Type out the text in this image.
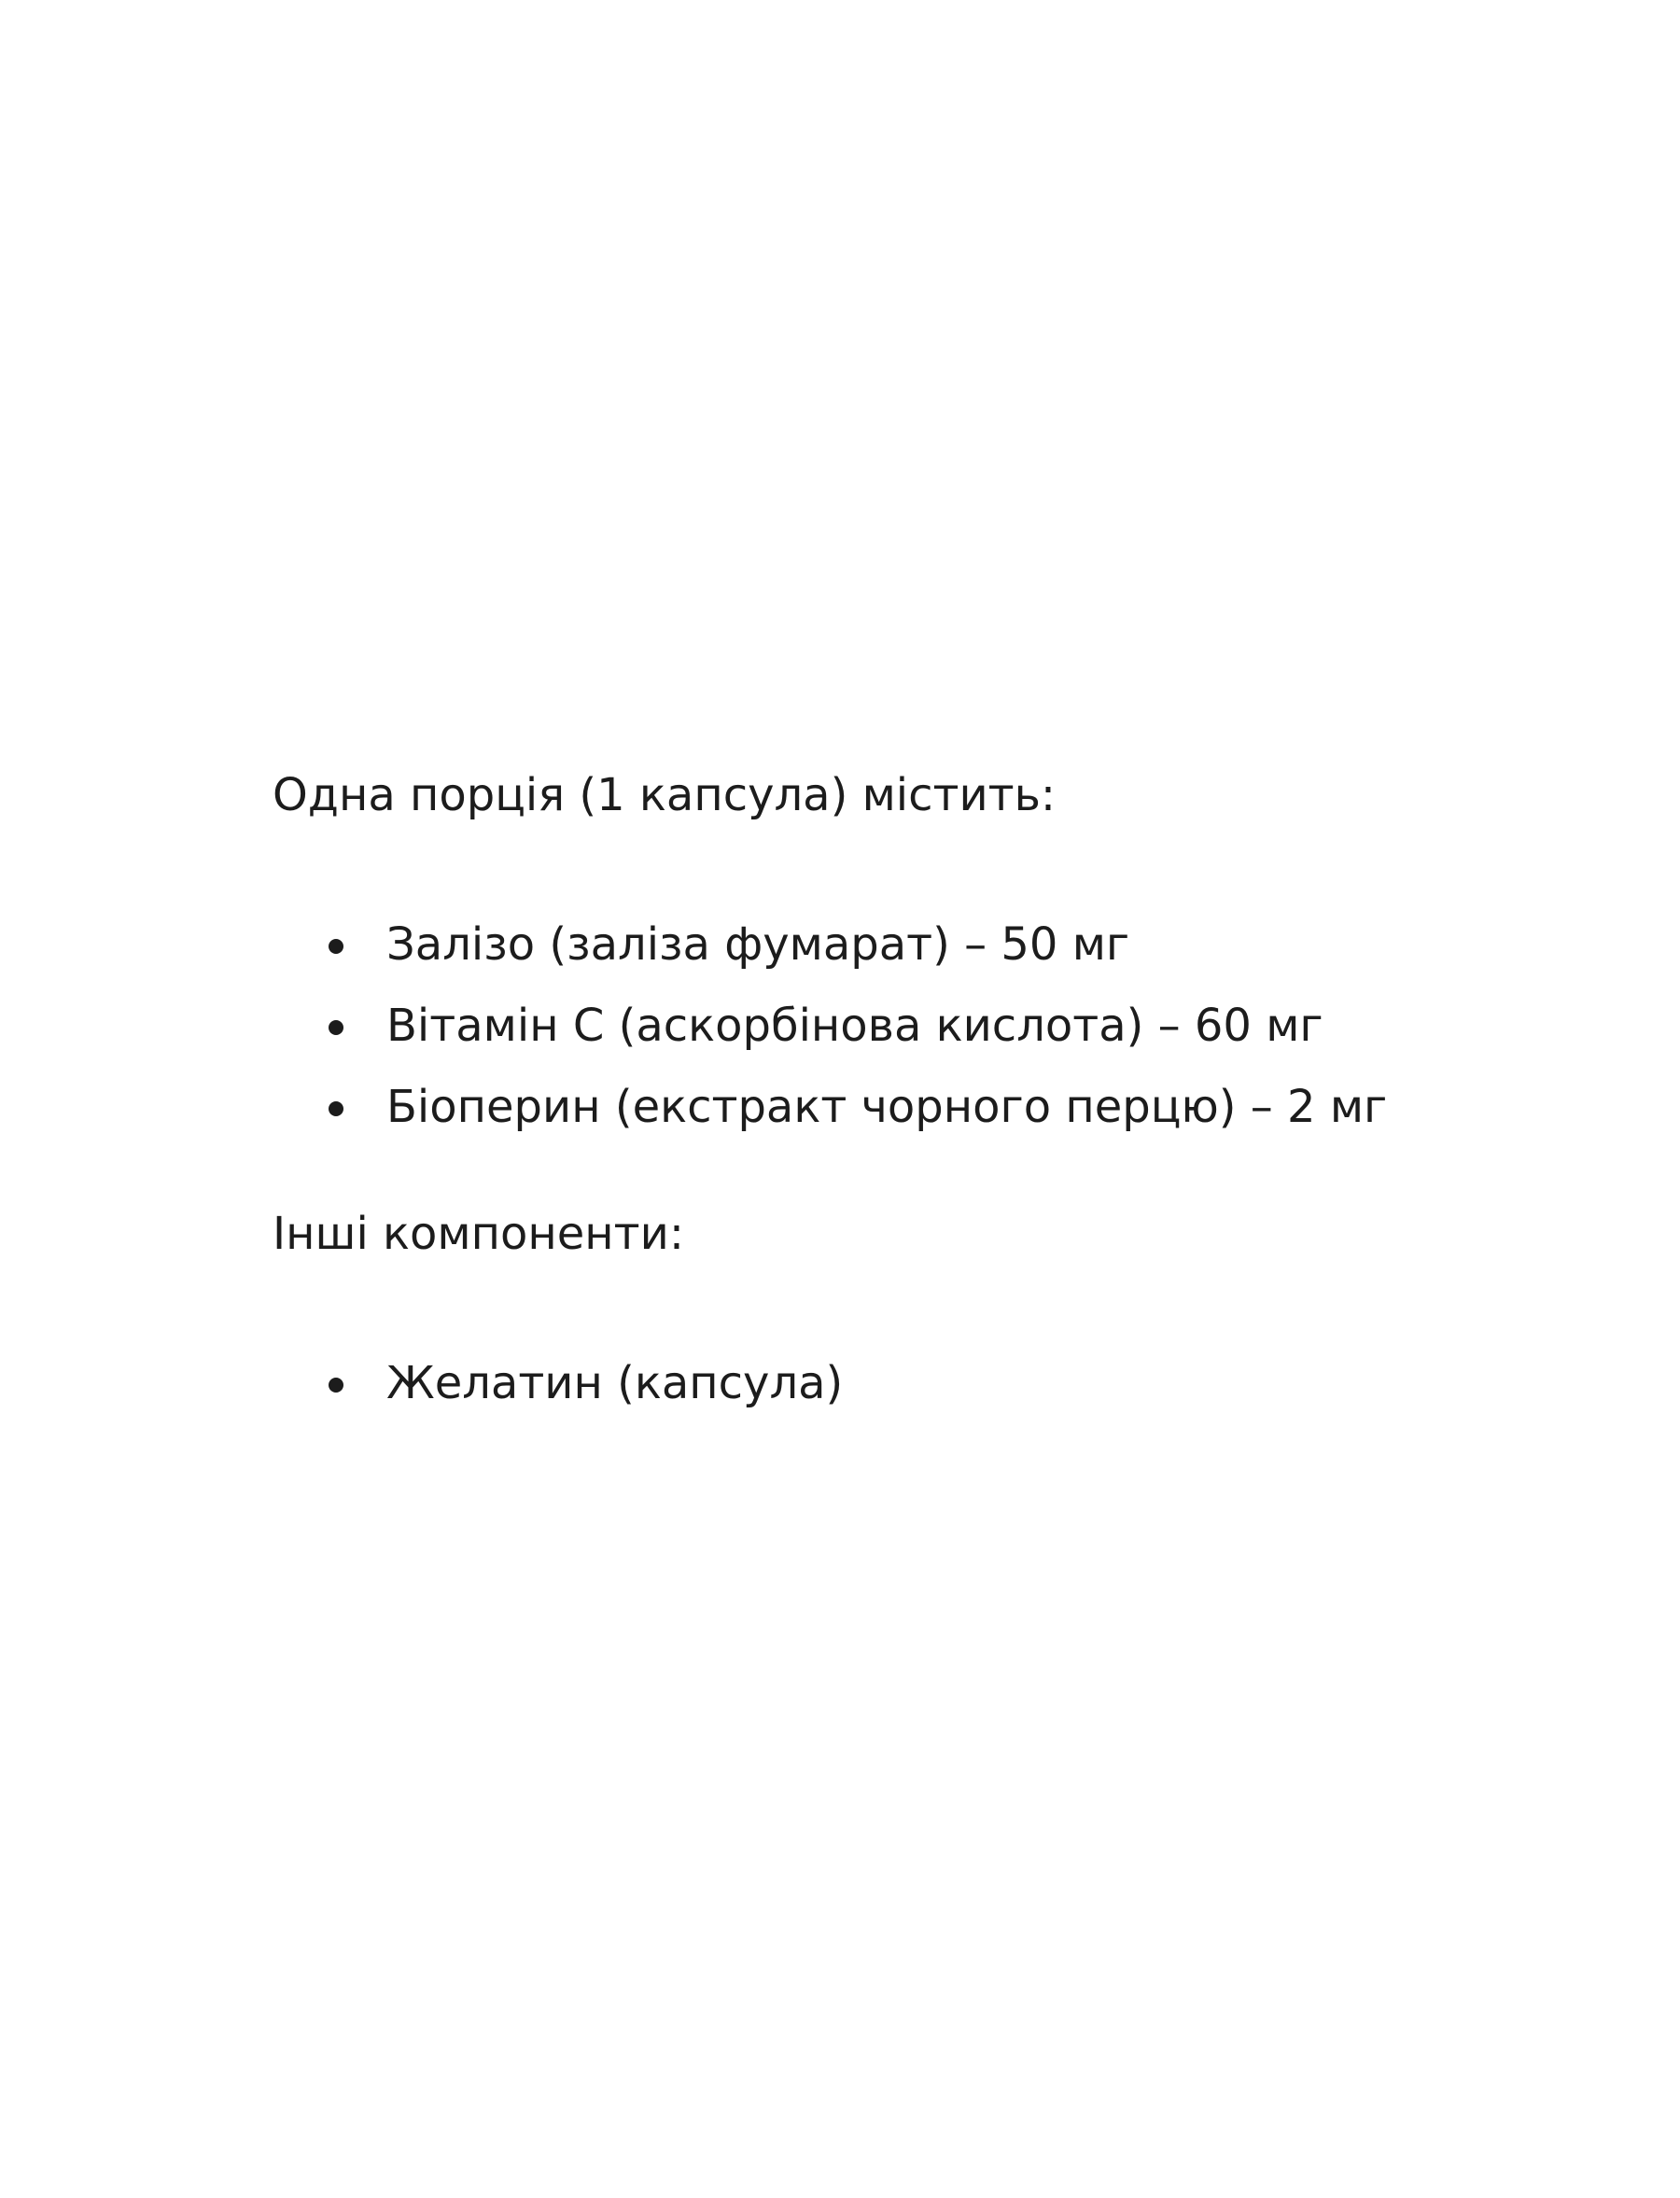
Одна порція (1 капсула) містить:

Залізо (заліза фумарат) – 50 мг
Вітамін С (аскорбінова кислота) – 60 мг
Біоперин (екстракт чорного перцю) – 2 мг

Інші компоненти:

Желатин (капсула)
